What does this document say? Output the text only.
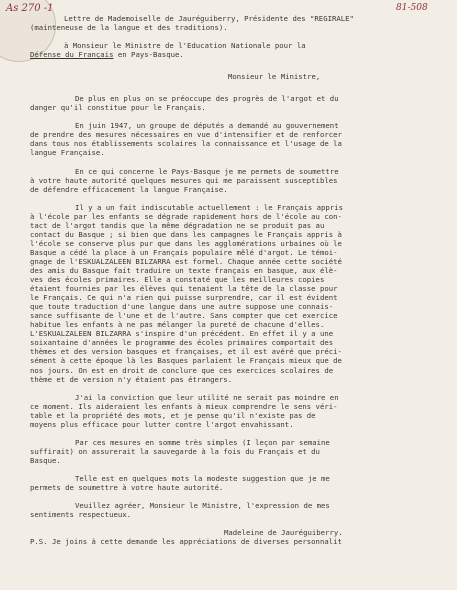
As 270 -1	81-508

Lettre de Mademoiselle de Jauréguiberry, Présidente des "REGIRALE"

(mainteneuse de la langue et des traditions).

à Monsieur le Ministre de l'Education Nationale pour la

Défense du Français en Pays-Basque.

Monsieur le Ministre,

De plus en plus on se préoccupe des progrès de l'argot et du

danger qu'il constitue pour le Français.

En juin 1947, un groupe de députés a demandé au gouvernement

de prendre des mesures nécessaires en vue d'intensifier et de renforcer

dans tous nos établissements scolaires la connaissance et l'usage de la

langue Française.

En ce qui concerne le Pays-Basque je me permets de soumettre

à votre haute autorité quelques mesures qui me paraissent susceptibles

de défendre efficacement la langue Française.

Il y a un fait indiscutable actuellement : le Français appris

à l'école par les enfants se dégrade rapidement hors de l'école au con-

tact de l'argot tandis que la même dégradation ne se produit pas au

contact du Basque ; si bien que dans les campagnes le Français appris à

l'école se conserve plus pur que dans les agglomérations urbaines où le

Basque a cédé la place à un Français populaire mêlé d'argot. Le témoi-

gnage de l'ESKUALZALEEN BILZARRA est formel. Chaque année cette société

des amis du Basque fait traduire un texte français en basque, aux élè-

ves des écoles primaires. Elle a constaté que les meilleures copies

étaient fournies par les élèves qui tenaient la tête de la classe pour

le Français. Ce qui n'a rien qui puisse surprendre, car il est évident

que toute traduction d'une langue dans une autre suppose une connais-

sance suffisante de l'une et de l'autre. Sans compter que cet exercice

habitue les enfants à ne pas mélanger la pureté de chacune d'elles.

L'ESKUALZALEEN BILZARRA s'inspire d'un précédent. En effet il y a une

soixantaine d'années le programme des écoles primaires comportait des

thèmes et des version basques et françaises, et il est avéré que préci-

sément à cette époque là les Basques parlaient le Français mieux que de

nos jours. On est en droit de conclure que ces exercices scolaires de

thème et de version n'y étaient pas étrangers.

J'ai la conviction que leur utilité ne serait pas moindre en

ce moment. Ils aideraient les enfants à mieux comprendre le sens véri-

table et la propriété des mots, et je pense qu'il n'existe pas de

moyens plus efficace pour lutter contre l'argot envahissant.

Par ces mesures en somme très simples (I leçon par semaine

suffirait) on assurerait la sauvegarde à la fois du Français et du

Basque.

Telle est en quelques mots la modeste suggestion que je me

permets de soumettre à votre haute autorité.

Veuillez agréer, Monsieur le Ministre, l'expression de mes

sentiments respectueux.

Madeleine de Jauréguiberry.

P.S. Je joins à cette demande les appréciations de diverses personnalit
